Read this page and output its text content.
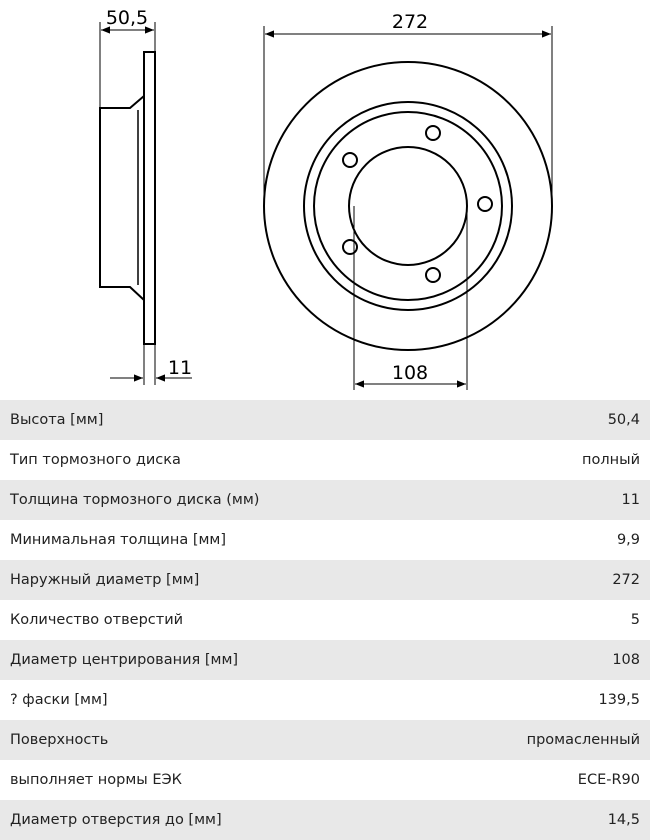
50,5
11
272
108
Высота [мм]	50,4
Тип тормозного диска	полный
Толщина тормозного диска (мм)	11
Минимальная толщина [мм]	9,9
Наружный диаметр [мм]	272
Количество отверстий	5
Диаметр центрирования [мм]	108
? фаски [мм]	139,5
Поверхность	промасленный
выполняет нормы ЕЭК	ECE-R90
Диаметр отверстия до [мм]	14,5
